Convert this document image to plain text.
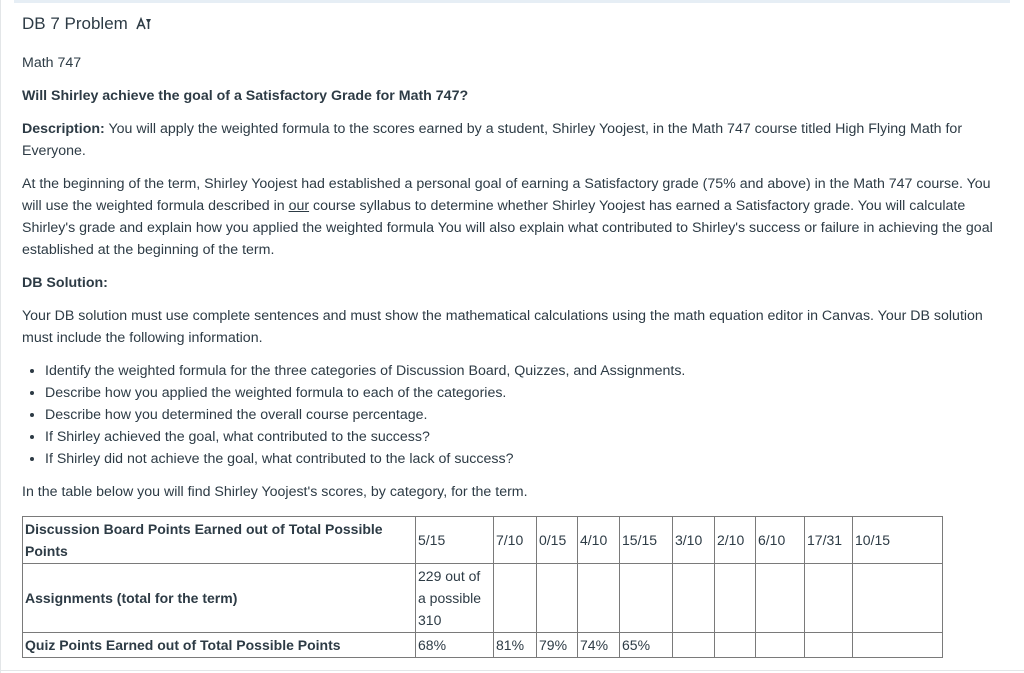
DB 7 Problem

Math 747

Will Shirley achieve the goal of a Satisfactory Grade for Math 747?

Description: You will apply the weighted formula to the scores earned by a student, Shirley Yoojest, in the Math 747 course titled High Flying Math for Everyone.

At the beginning of the term, Shirley Yoojest had established a personal goal of earning a Satisfactory grade (75% and above) in the Math 747 course. You will use the weighted formula described in our course syllabus to determine whether Shirley Yoojest has earned a Satisfactory grade. You will calculate Shirley's grade and explain how you applied the weighted formula You will also explain what contributed to Shirley's success or failure in achieving the goal established at the beginning of the term.

DB Solution:

Your DB solution must use complete sentences and must show the mathematical calculations using the math equation editor in Canvas. Your DB solution must include the following information.

• Identify the weighted formula for the three categories of Discussion Board, Quizzes, and Assignments.
• Describe how you applied the weighted formula to each of the categories.
• Describe how you determined the overall course percentage.
• If Shirley achieved the goal, what contributed to the success?
• If Shirley did not achieve the goal, what contributed to the lack of success?

In the table below you will find Shirley Yoojest's scores, by category, for the term.

Discussion Board Points Earned out of Total Possible Points	5/15	7/10	0/15	4/10	15/15	3/10	2/10	6/10	17/31	10/15
Assignments (total for the term)	229 out of a possible 310									
Quiz Points Earned out of Total Possible Points	68%	81%	79%	74%	65%					
